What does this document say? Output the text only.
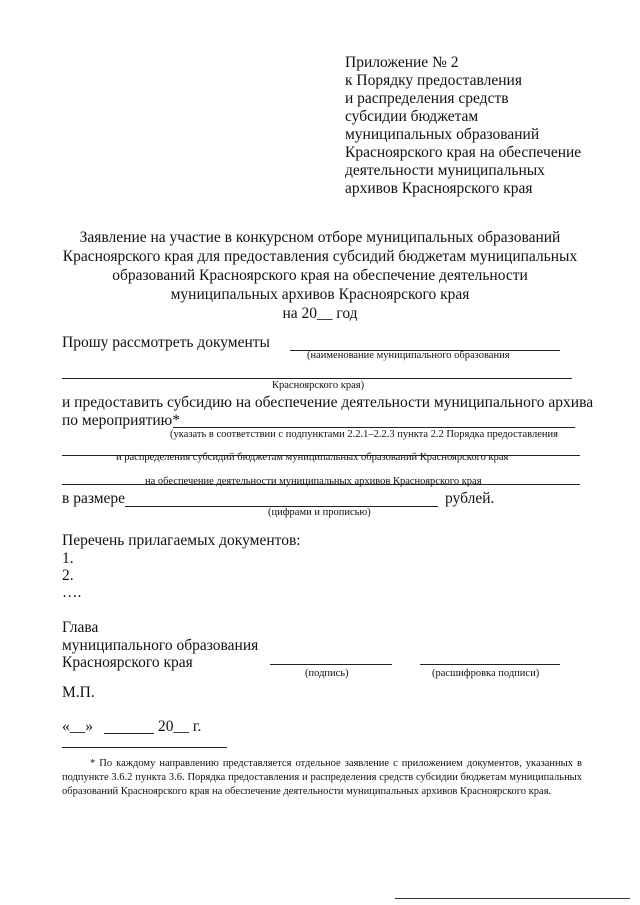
Приложение № 2
к Порядку предоставления
и распределения средств
субсидии бюджетам
муниципальных образований
Красноярского края на обеспечение
деятельности муниципальных
архивов Красноярского края
Заявление на участие в конкурсном отборе муниципальных образований
Красноярского края для предоставления субсидий бюджетам муниципальных
образований Красноярского края на обеспечение деятельности
муниципальных архивов Красноярского края
на 20__ год
Прошу рассмотреть документы
(наименование муниципального образования
Красноярского края)
и предоставить субсидию на обеспечение деятельности муниципального архива
по мероприятию*
(указать в соответствии с подпунктами 2.2.1–2.2.3 пункта 2.2 Порядка предоставления
и распределения субсидий бюджетам муниципальных образований Красноярского края
на обеспечение деятельности муниципальных архивов Красноярского края
в размере	рублей.
(цифрами и прописью)
Перечень прилагаемых документов:
1.
2.
….
Глава
муниципального образования
Красноярского края
(подпись)	(расшифровка подписи)
М.П.
«__»	20__ г.
* По каждому направлению представляется отдельное заявление с приложением документов, указанных в подпункте 3.6.2 пункта 3.6. Порядка предоставления и распределения средств субсидии бюджетам муниципальных образований Красноярского края на обеспечение деятельности муниципальных архивов Красноярского края.
